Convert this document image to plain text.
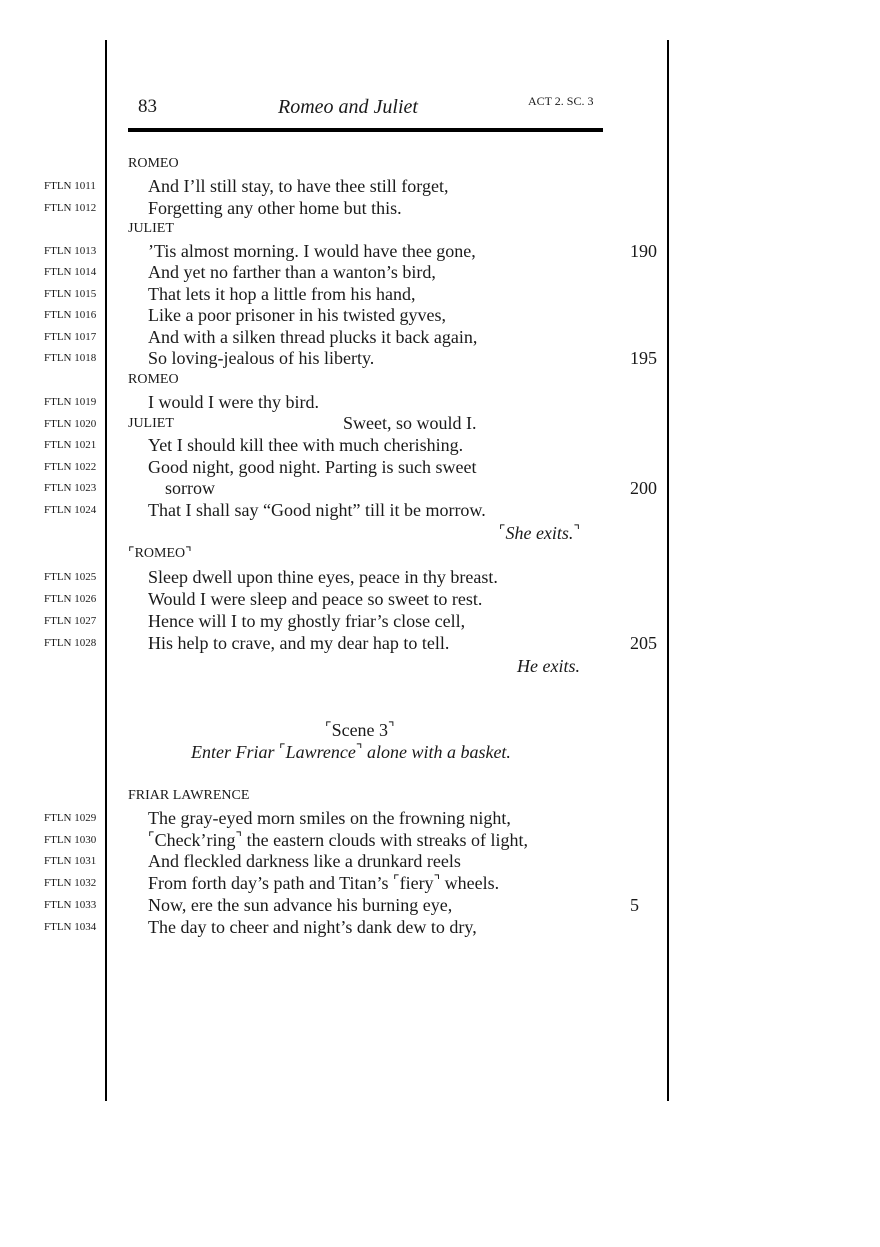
83	Romeo and Juliet	ACT 2. SC. 3
ROMEO
FTLN 1011	And I’ll still stay, to have thee still forget,
FTLN 1012	Forgetting any other home but this.
JULIET
FTLN 1013	’Tis almost morning. I would have thee gone,	190
FTLN 1014	And yet no farther than a wanton’s bird,
FTLN 1015	That lets it hop a little from his hand,
FTLN 1016	Like a poor prisoner in his twisted gyves,
FTLN 1017	And with a silken thread plucks it back again,
FTLN 1018	So loving-jealous of his liberty.	195
ROMEO
FTLN 1019	I would I were thy bird.
FTLN 1020 JULIET	Sweet, so would I.
FTLN 1021	Yet I should kill thee with much cherishing.
FTLN 1022	Good night, good night. Parting is such sweet
FTLN 1023	sorrow	200
FTLN 1024	That I shall say “Good night” till it be morrow.
⌜She exits.⌝
⌜ROMEO⌝
FTLN 1025	Sleep dwell upon thine eyes, peace in thy breast.
FTLN 1026	Would I were sleep and peace so sweet to rest.
FTLN 1027	Hence will I to my ghostly friar’s close cell,
FTLN 1028	His help to crave, and my dear hap to tell.	205
He exits.
⌜Scene 3⌝
Enter Friar ⌜Lawrence⌝ alone with a basket.
FRIAR LAWRENCE
FTLN 1029	The gray-eyed morn smiles on the frowning night,
FTLN 1030	⌜Check’ring⌝ the eastern clouds with streaks of light,
FTLN 1031	And fleckled darkness like a drunkard reels
FTLN 1032	From forth day’s path and Titan’s ⌜fiery⌝ wheels.
FTLN 1033	Now, ere the sun advance his burning eye,	5
FTLN 1034	The day to cheer and night’s dank dew to dry,
